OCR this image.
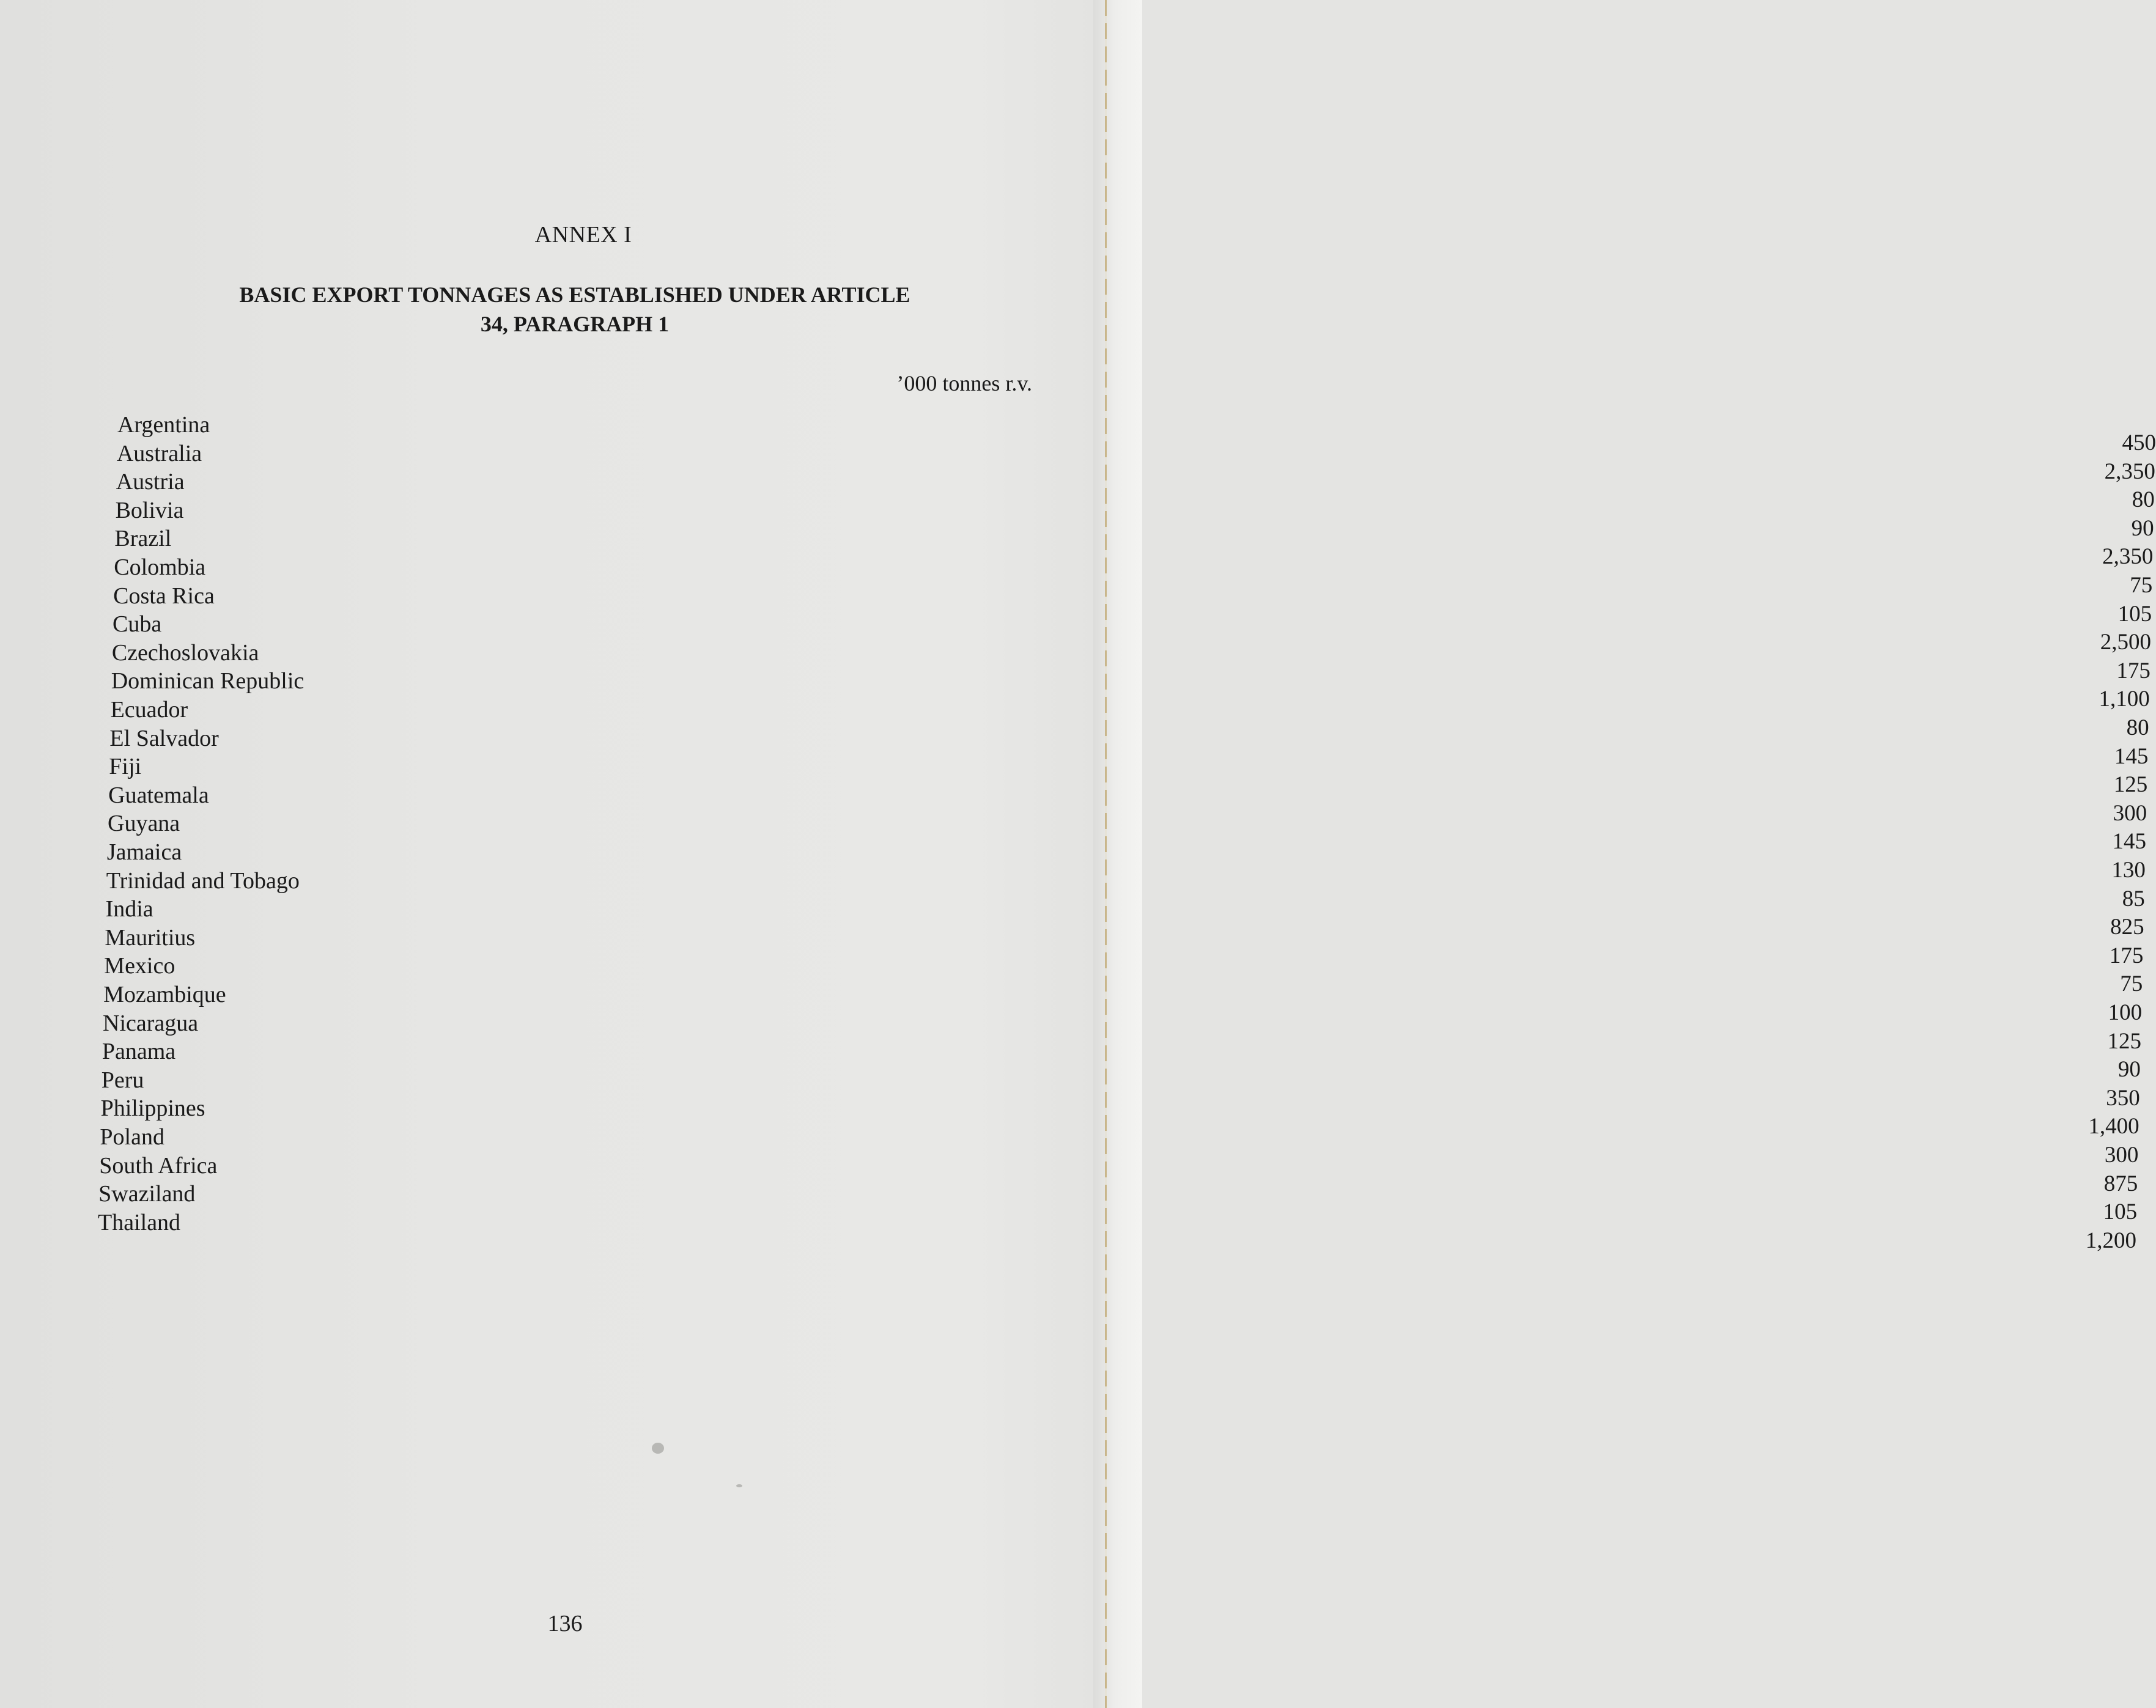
ANNEX I
BASIC EXPORT TONNAGES AS ESTABLISHED UNDER ARTICLE 34, PARAGRAPH 1
’000 tonnes r.v.
Argentina
Australia
Austria
Bolivia
Brazil
Colombia
Costa Rica
Cuba
Czechoslovakia
Dominican Republic
Ecuador
El Salvador
Fiji
Guatemala
Guyana
Jamaica
Trinidad and Tobago
India
Mauritius
Mexico
Mozambique
Nicaragua
Panama
Peru
Philippines
Poland
South Africa
Swaziland
Thailand
450
2,350
80
90
2,350
75
105
2,500
175
1,100
80
145
125
300
145
130
85
825
175
75
100
125
90
350
1,400
300
875
105
1,200
136
